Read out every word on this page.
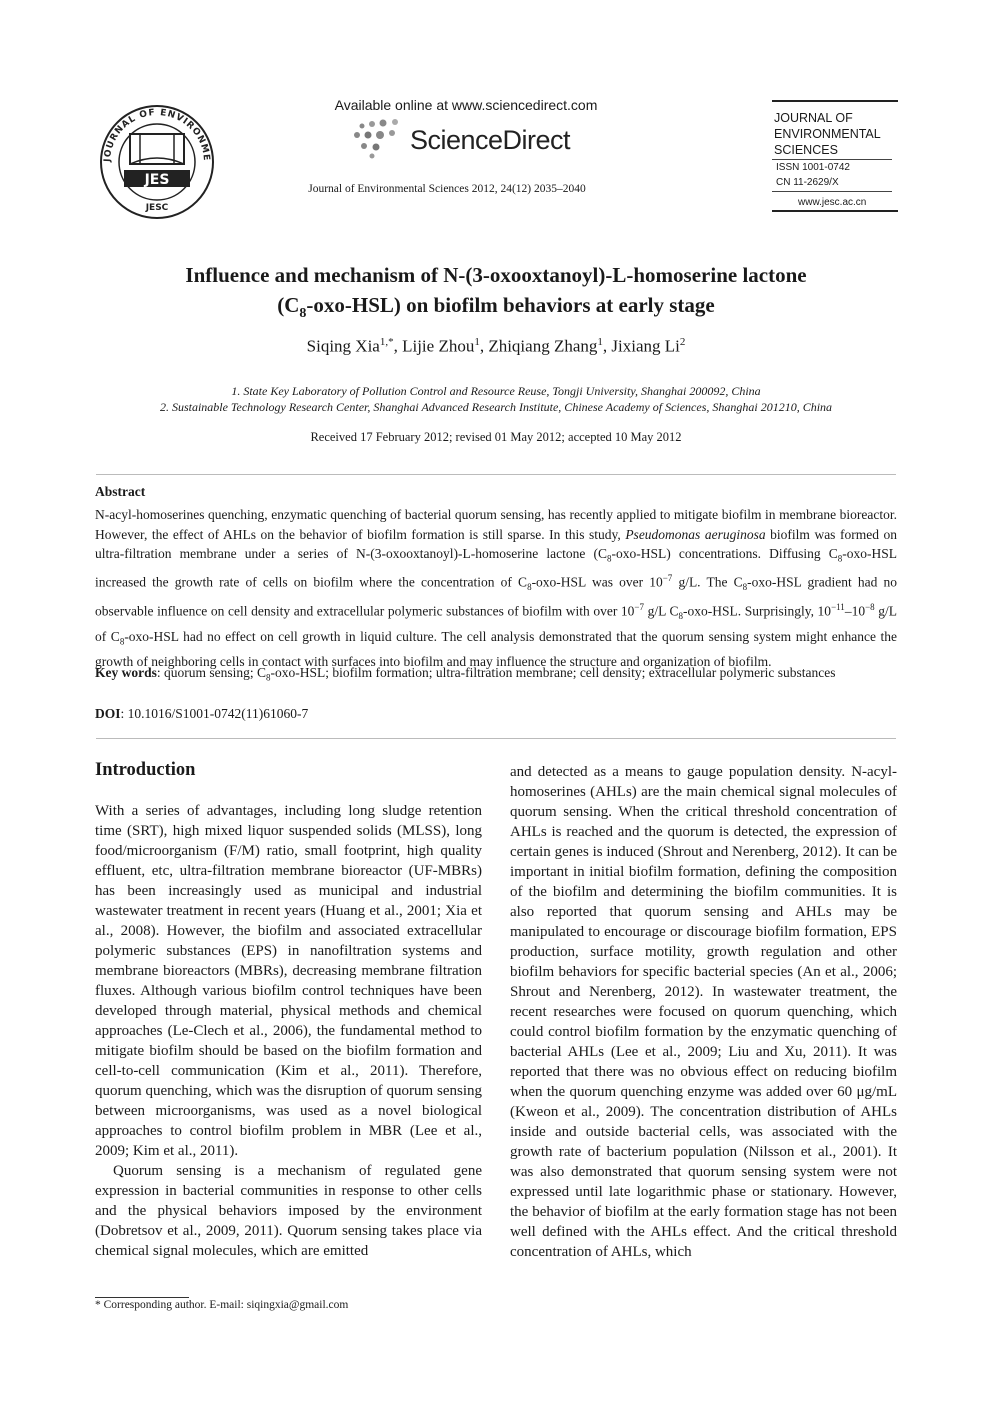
JOURNAL OF ENVIRONME
JES
JESC
Available online at www.sciencedirect.com
ScienceDirect
Journal of Environmental Sciences 2012, 24(12) 2035–2040
JOURNAL OF
ENVIRONMENTAL
SCIENCES
ISSN 1001-0742
CN 11-2629/X
www.jesc.ac.cn
Influence and mechanism of N-(3-oxooxtanoyl)-L-homoserine lactone
$(C_8-oxo-HSL)$ on biofilm behaviors at early stage
Siqing Xia$^{1,*}$, Lijie Zhou$^1$, Zhiqiang Zhang$^1$, Jixiang Li$^2$
1. State Key Laboratory of Pollution Control and Resource Reuse, Tongji University, Shanghai 200092, China
2. Sustainable Technology Research Center, Shanghai Advanced Research Institute, Chinese Academy of Sciences, Shanghai 201210, China
Received 17 February 2012; revised 01 May 2012; accepted 10 May 2012
Abstract
N-acyl-homoserines quenching, enzymatic quenching of bacterial quorum sensing, has recently applied to mitigate biofilm in membrane bioreactor. However, the effect of AHLs on the behavior of biofilm formation is still sparse. In this study, Pseudomonas aeruginosa biofilm was formed on ultra-filtration membrane under a series of N-(3-oxooxtanoyl)-L-homoserine lactone $(C_8-oxo-HSL)$ concentrations. Diffusing $C_8-oxo$-HSL increased the growth rate of cells on biofilm where the concentration of $C_8-oxo$-HSL was over $10^{-7}$ g/L. The $C_8-oxo$-HSL gradient had no observable influence on cell density and extracellular polymeric substances of biofilm with over $10^{-7}$ g/L $C_8-oxo$-HSL. Surprisingly, $10^{-11}-10^{-8}$ g/L of $C_8-oxo$-HSL had no effect on cell growth in liquid culture. The cell analysis demonstrated that the quorum sensing system might enhance the growth of neighboring cells in contact with surfaces into biofilm and may influence the structure and organization of biofilm.
Key words: quorum sensing; $C_8-oxo$-HSL; biofilm formation; ultra-filtration membrane; cell density; extracellular polymeric substances
DOI: 10.1016/S1001-0742(11)61060-7
Introduction

With a series of advantages, including long sludge retention time (SRT), high mixed liquor suspended solids (MLSS), long food/microorganism (F/M) ratio, small footprint, high quality effluent, etc, ultra-filtration membrane bioreactor (UF-MBRs) has been increasingly used as municipal and industrial wastewater treatment in recent years (Huang et al., 2001; Xia et al., 2008). However, the biofilm and associated extracellular polymeric substances (EPS) in nanofiltration systems and membrane bioreactors (MBRs), decreasing membrane filtration fluxes. Although various biofilm control techniques have been developed through material, physical methods and chemical approaches (Le-Clech et al., 2006), the fundamental method to mitigate biofilm should be based on the biofilm formation and cell-to-cell communication (Kim et al., 2011). Therefore, quorum quenching, which was the disruption of quorum sensing between microorganisms, was used as a novel biological approaches to control biofilm problem in MBR (Lee et al., 2009; Kim et al., 2011).

Quorum sensing is a mechanism of regulated gene expression in bacterial communities in response to other cells and the physical behaviors imposed by the environment (Dobretsov et al., 2009, 2011). Quorum sensing takes place via chemical signal molecules, which are emitted

and detected as a means to gauge population density. N-acyl-homoserines (AHLs) are the main chemical signal molecules of quorum sensing. When the critical threshold concentration of AHLs is reached and the quorum is detected, the expression of certain genes is induced (Shrout and Nerenberg, 2012). It can be important in initial biofilm formation, defining the composition of the biofilm and determining the biofilm communities. It is also reported that quorum sensing and AHLs may be manipulated to encourage or discourage biofilm formation, EPS production, surface motility, growth regulation and other biofilm behaviors for specific bacterial species (An et al., 2006; Shrout and Nerenberg, 2012). In wastewater treatment, the recent researches were focused on quorum quenching, which could control biofilm formation by the enzymatic quenching of bacterial AHLs (Lee et al., 2009; Liu and Xu, 2011). It was reported that there was no obvious effect on reducing biofilm when the quorum quenching enzyme was added over 60 μg/mL (Kweon et al., 2009). The concentration distribution of AHLs inside and outside bacterial cells, was associated with the growth rate of bacterium population (Nilsson et al., 2001). It was also demonstrated that quorum sensing system were not expressed until late logarithmic phase or stationary. However, the behavior of biofilm at the early formation stage has not been well defined with the AHLs effect. And the critical threshold concentration of AHLs, which

* Corresponding author. E-mail: siqingxia@gmail.com
